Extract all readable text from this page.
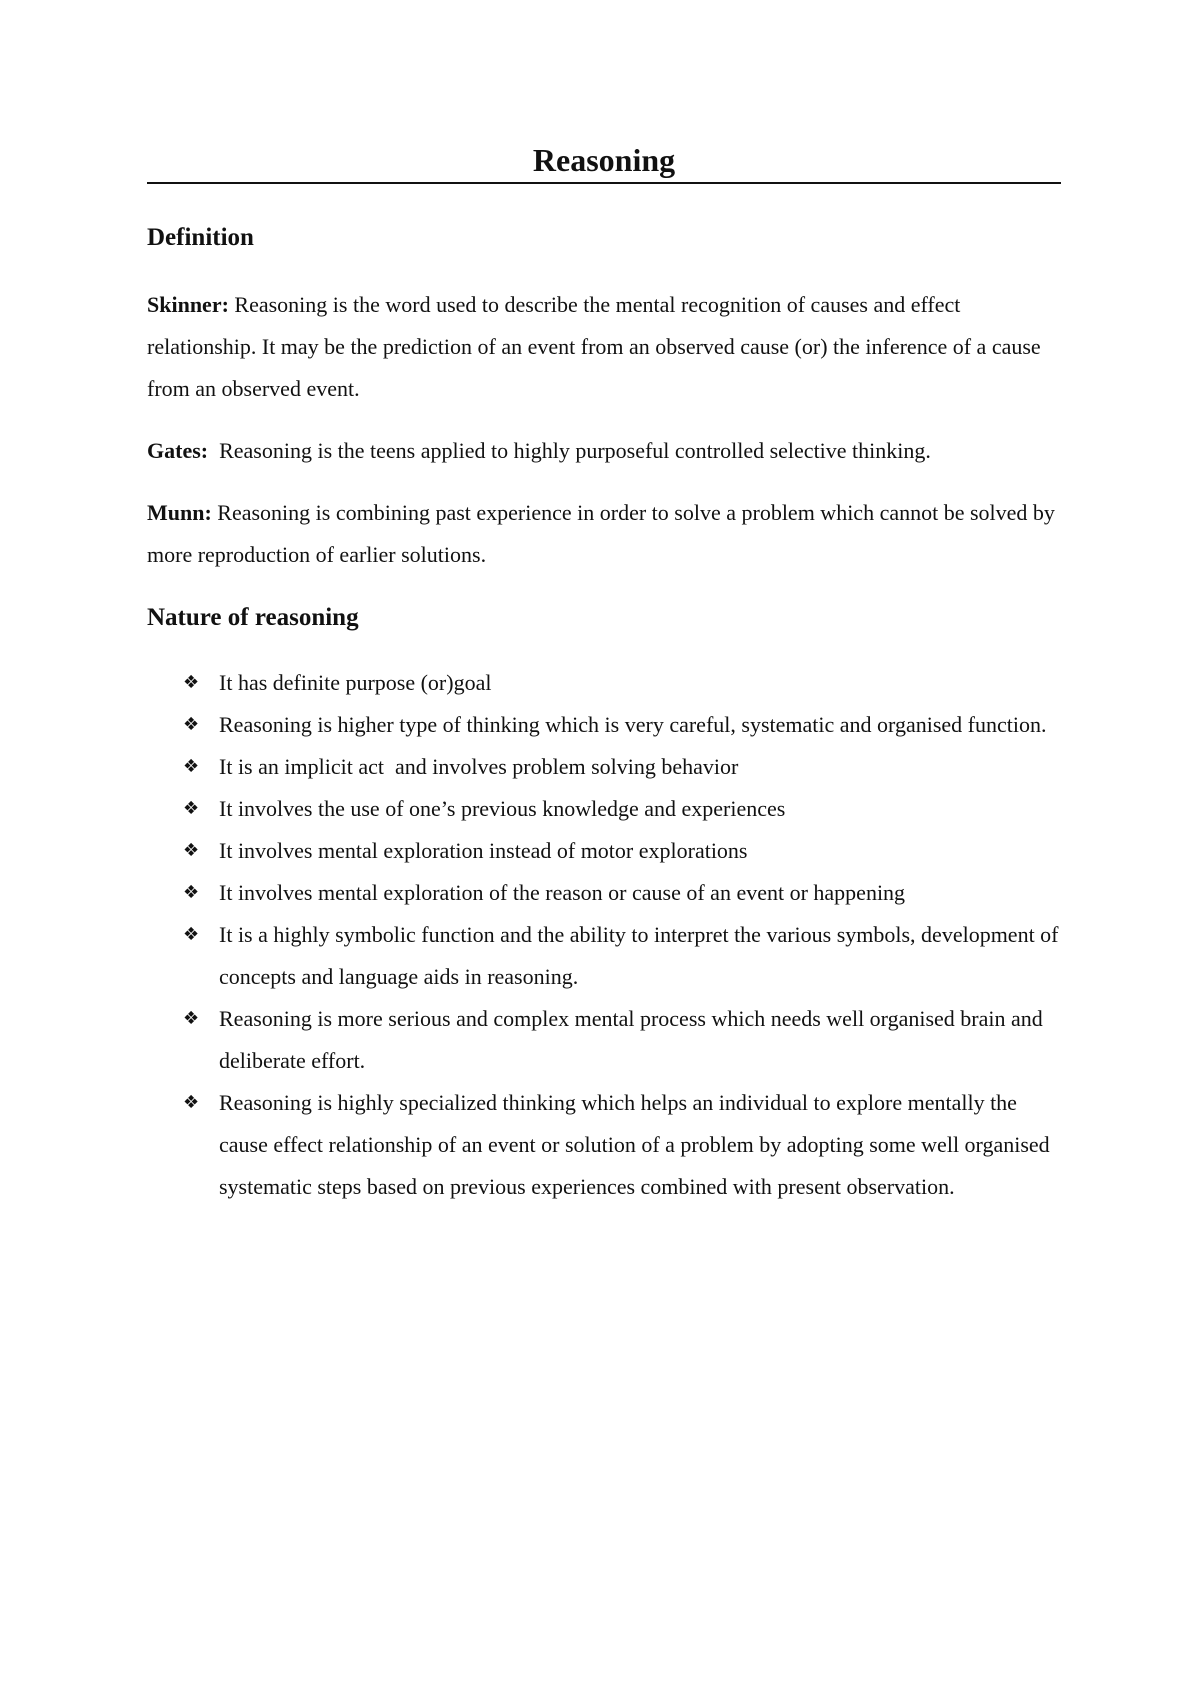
Reasoning
Definition

Skinner: Reasoning is the word used to describe the mental recognition of causes and effect relationship. It may be the prediction of an event from an observed cause (or) the inference of a cause from an observed event.

Gates:  Reasoning is the teens applied to highly purposeful controlled selective thinking.

Munn: Reasoning is combining past experience in order to solve a problem which cannot be solved by more reproduction of earlier solutions.

Nature of reasoning
❖ It has definite purpose (or)goal
❖ Reasoning is higher type of thinking which is very careful, systematic and organised function.
❖ It is an implicit act  and involves problem solving behavior
❖ It involves the use of one’s previous knowledge and experiences
❖ It involves mental exploration instead of motor explorations
❖ It involves mental exploration of the reason or cause of an event or happening
❖ It is a highly symbolic function and the ability to interpret the various symbols, development of concepts and language aids in reasoning.
❖ Reasoning is more serious and complex mental process which needs well organised brain and deliberate effort.
❖ Reasoning is highly specialized thinking which helps an individual to explore mentally the cause effect relationship of an event or solution of a problem by adopting some well organised systematic steps based on previous experiences combined with present observation.
